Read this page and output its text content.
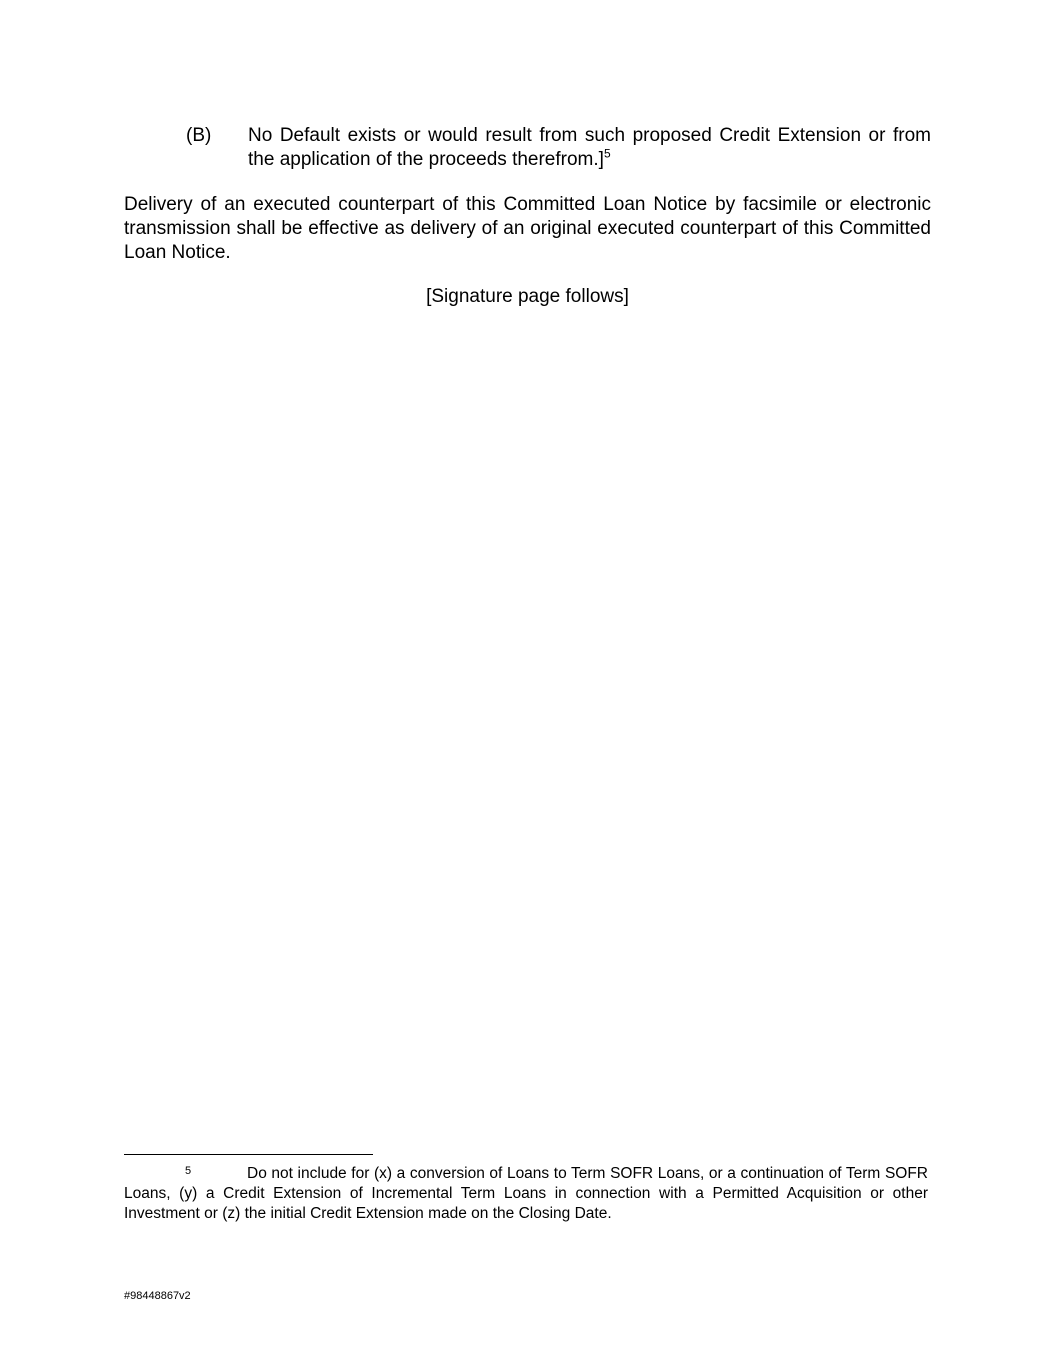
(B) No Default exists or would result from such proposed Credit Extension or from the application of the proceeds therefrom.]$^5$
Delivery of an executed counterpart of this Committed Loan Notice by facsimile or electronic transmission shall be effective as delivery of an original executed counterpart of this Committed Loan Notice.
[Signature page follows]
5	Do not include for (x) a conversion of Loans to Term SOFR Loans, or a continuation of Term SOFR Loans, (y) a Credit Extension of Incremental Term Loans in connection with a Permitted Acquisition or other Investment or (z) the initial Credit Extension made on the Closing Date.
#98448867v2
